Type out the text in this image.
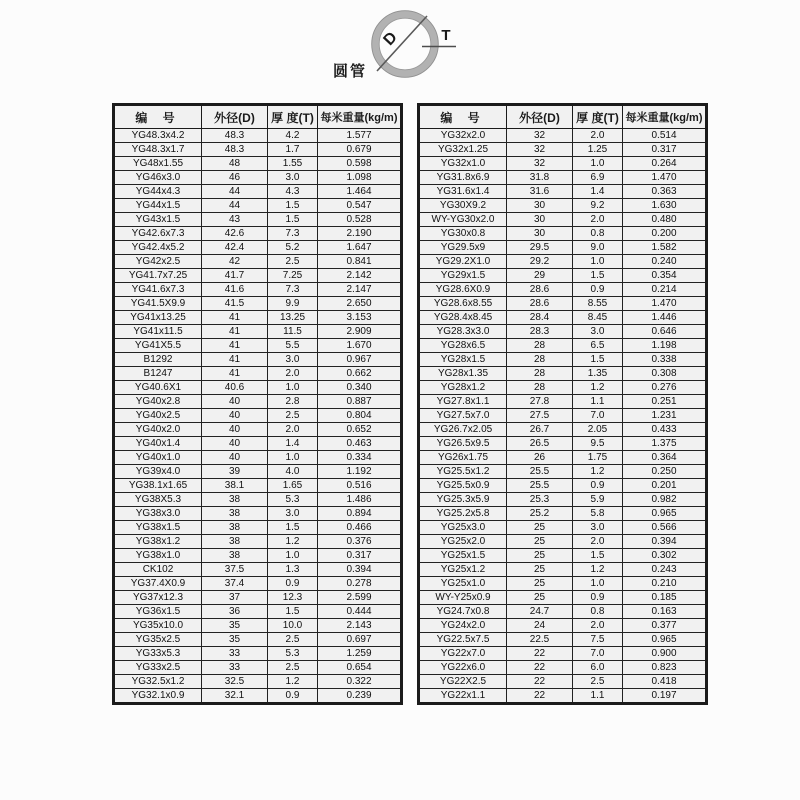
D	T
圆管
编 号	外径(D)	厚 度(T)	每米重量(kg/m)
YG48.3x4.2	48.3	4.2	1.577
YG48.3x1.7	48.3	1.7	0.679
YG48x1.55	48	1.55	0.598
YG46x3.0	46	3.0	1.098
YG44x4.3	44	4.3	1.464
YG44x1.5	44	1.5	0.547
YG43x1.5	43	1.5	0.528
YG42.6x7.3	42.6	7.3	2.190
YG42.4x5.2	42.4	5.2	1.647
YG42x2.5	42	2.5	0.841
YG41.7x7.25	41.7	7.25	2.142
YG41.6x7.3	41.6	7.3	2.147
YG41.5X9.9	41.5	9.9	2.650
YG41x13.25	41	13.25	3.153
YG41x11.5	41	11.5	2.909
YG41X5.5	41	5.5	1.670
B1292	41	3.0	0.967
B1247	41	2.0	0.662
YG40.6X1	40.6	1.0	0.340
YG40x2.8	40	2.8	0.887
YG40x2.5	40	2.5	0.804
YG40x2.0	40	2.0	0.652
YG40x1.4	40	1.4	0.463
YG40x1.0	40	1.0	0.334
YG39x4.0	39	4.0	1.192
YG38.1x1.65	38.1	1.65	0.516
YG38X5.3	38	5.3	1.486
YG38x3.0	38	3.0	0.894
YG38x1.5	38	1.5	0.466
YG38x1.2	38	1.2	0.376
YG38x1.0	38	1.0	0.317
CK102	37.5	1.3	0.394
YG37.4X0.9	37.4	0.9	0.278
YG37x12.3	37	12.3	2.599
YG36x1.5	36	1.5	0.444
YG35x10.0	35	10.0	2.143
YG35x2.5	35	2.5	0.697
YG33x5.3	33	5.3	1.259
YG33x2.5	33	2.5	0.654
YG32.5x1.2	32.5	1.2	0.322
YG32.1x0.9	32.1	0.9	0.239
编 号	外径(D)	厚 度(T)	每米重量(kg/m)
YG32x2.0	32	2.0	0.514
YG32x1.25	32	1.25	0.317
YG32x1.0	32	1.0	0.264
YG31.8x6.9	31.8	6.9	1.470
YG31.6x1.4	31.6	1.4	0.363
YG30X9.2	30	9.2	1.630
WY-YG30x2.0	30	2.0	0.480
YG30x0.8	30	0.8	0.200
YG29.5x9	29.5	9.0	1.582
YG29.2X1.0	29.2	1.0	0.240
YG29x1.5	29	1.5	0.354
YG28.6X0.9	28.6	0.9	0.214
YG28.6x8.55	28.6	8.55	1.470
YG28.4x8.45	28.4	8.45	1.446
YG28.3x3.0	28.3	3.0	0.646
YG28x6.5	28	6.5	1.198
YG28x1.5	28	1.5	0.338
YG28x1.35	28	1.35	0.308
YG28x1.2	28	1.2	0.276
YG27.8x1.1	27.8	1.1	0.251
YG27.5x7.0	27.5	7.0	1.231
YG26.7x2.05	26.7	2.05	0.433
YG26.5x9.5	26.5	9.5	1.375
YG26x1.75	26	1.75	0.364
YG25.5x1.2	25.5	1.2	0.250
YG25.5x0.9	25.5	0.9	0.201
YG25.3x5.9	25.3	5.9	0.982
YG25.2x5.8	25.2	5.8	0.965
YG25x3.0	25	3.0	0.566
YG25x2.0	25	2.0	0.394
YG25x1.5	25	1.5	0.302
YG25x1.2	25	1.2	0.243
YG25x1.0	25	1.0	0.210
WY-Y25x0.9	25	0.9	0.185
YG24.7x0.8	24.7	0.8	0.163
YG24x2.0	24	2.0	0.377
YG22.5x7.5	22.5	7.5	0.965
YG22x7.0	22	7.0	0.900
YG22x6.0	22	6.0	0.823
YG22X2.5	22	2.5	0.418
YG22x1.1	22	1.1	0.197
